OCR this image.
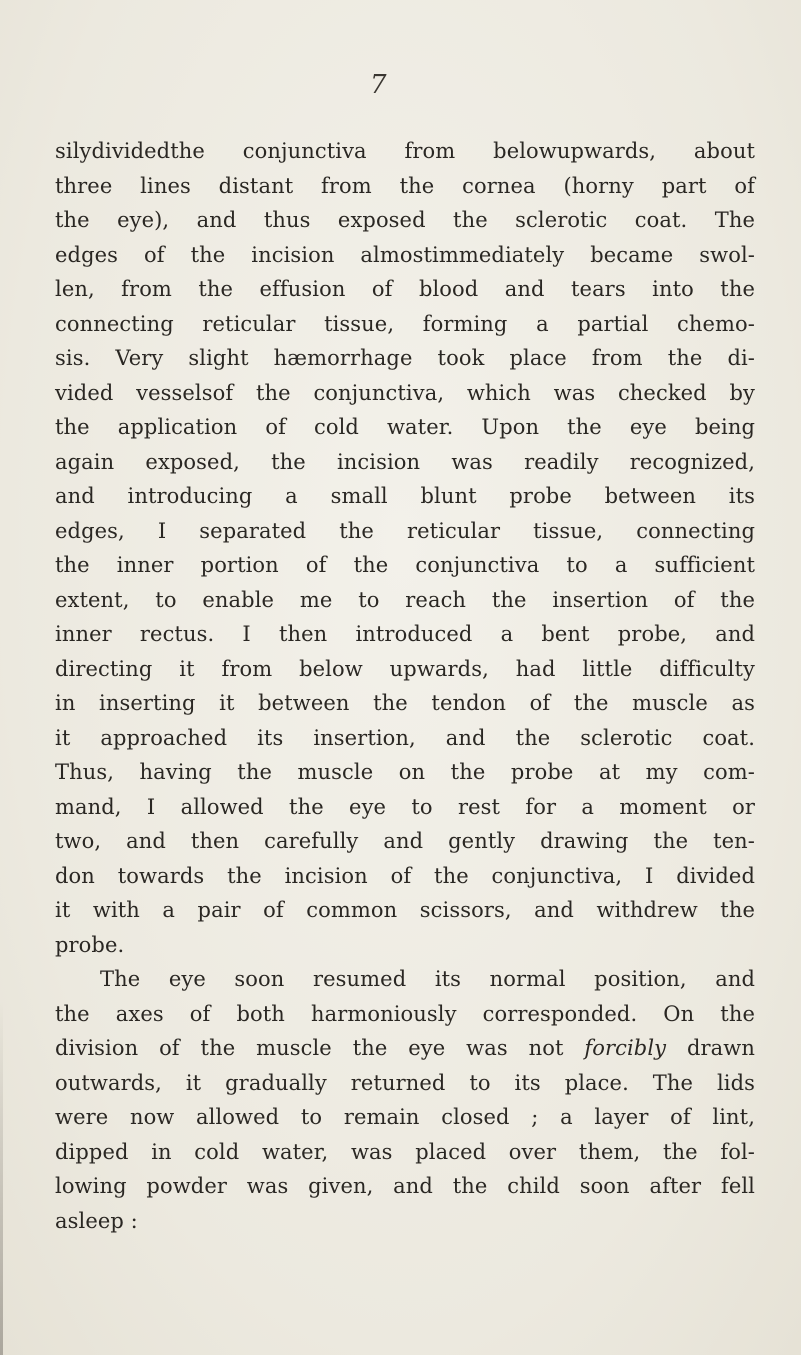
7
silydividedthe conjunctiva from belowupwards, about
three lines distant from the cornea (horny part of
the eye), and thus exposed the sclerotic coat. The
edges of the incision almostimmediately became swol-
len, from the effusion of blood and tears into the
connecting reticular tissue, forming a partial chemo-
sis. Very slight hæmorrhage took place from the di-
vided vesselsof the conjunctiva, which was checked by
the application of cold water. Upon the eye being
again exposed, the incision was readily recognized,
and introducing a small blunt probe between its
edges, I separated the reticular tissue, connecting
the inner portion of the conjunctiva to a sufficient
extent, to enable me to reach the insertion of the
inner rectus. I then introduced a bent probe, and
directing it from below upwards, had little difficulty
in inserting it between the tendon of the muscle as
it approached its insertion, and the sclerotic coat.
Thus, having the muscle on the probe at my com-
mand, I allowed the eye to rest for a moment or
two, and then carefully and gently drawing the ten-
don towards the incision of the conjunctiva, I divided
it with a pair of common scissors, and withdrew the
probe.
The eye soon resumed its normal position, and
the axes of both harmoniously corresponded. On the
division of the muscle the eye was not forcibly drawn
outwards, it gradually returned to its place. The lids
were now allowed to remain closed ; a layer of lint,
dipped in cold water, was placed over them, the fol-
lowing powder was given, and the child soon after fell
asleep :
